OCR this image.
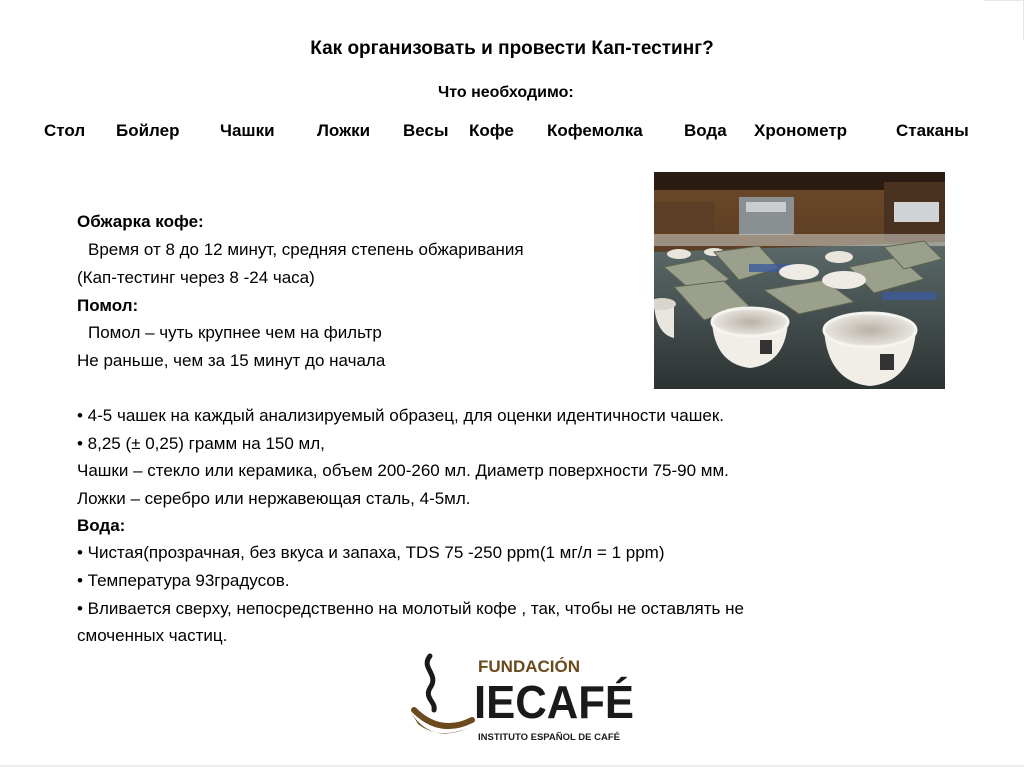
Как организовать и провести Кап-тестинг?
Что необходимо:
Стол Бойлер Чашки Ложки Весы Кофе Кофемолка Вода Хронометр	Стаканы
Обжарка кофе:
Время от 8 до 12 минут, средняя степень обжаривания
(Кап-тестинг через 8 -24 часа)
Помол:
Помол – чуть крупнее чем на фильтр
Не раньше, чем за 15 минут до начала
• 4-5 чашек на каждый анализируемый образец, для оценки идентичности чашек.
• 8,25 (± 0,25) грамм на 150 мл,
Чашки – стекло или керамика, объем 200-260 мл. Диаметр поверхности 75-90 мм.
Ложки – серебро или нержавеющая сталь, 4-5мл.
Вода:
• Чистая(прозрачная, без вкуса и запаха, TDS 75 -250 ppm(1 мг/л = 1 ppm)
• Температура 93градусов.
• Вливается сверху, непосредственно на молотый кофе , так, чтобы не оставлять не
смоченных частиц.
FUNDACIÓN
IECAFÉ
INSTITUTO ESPAÑOL DE CAFÉ
